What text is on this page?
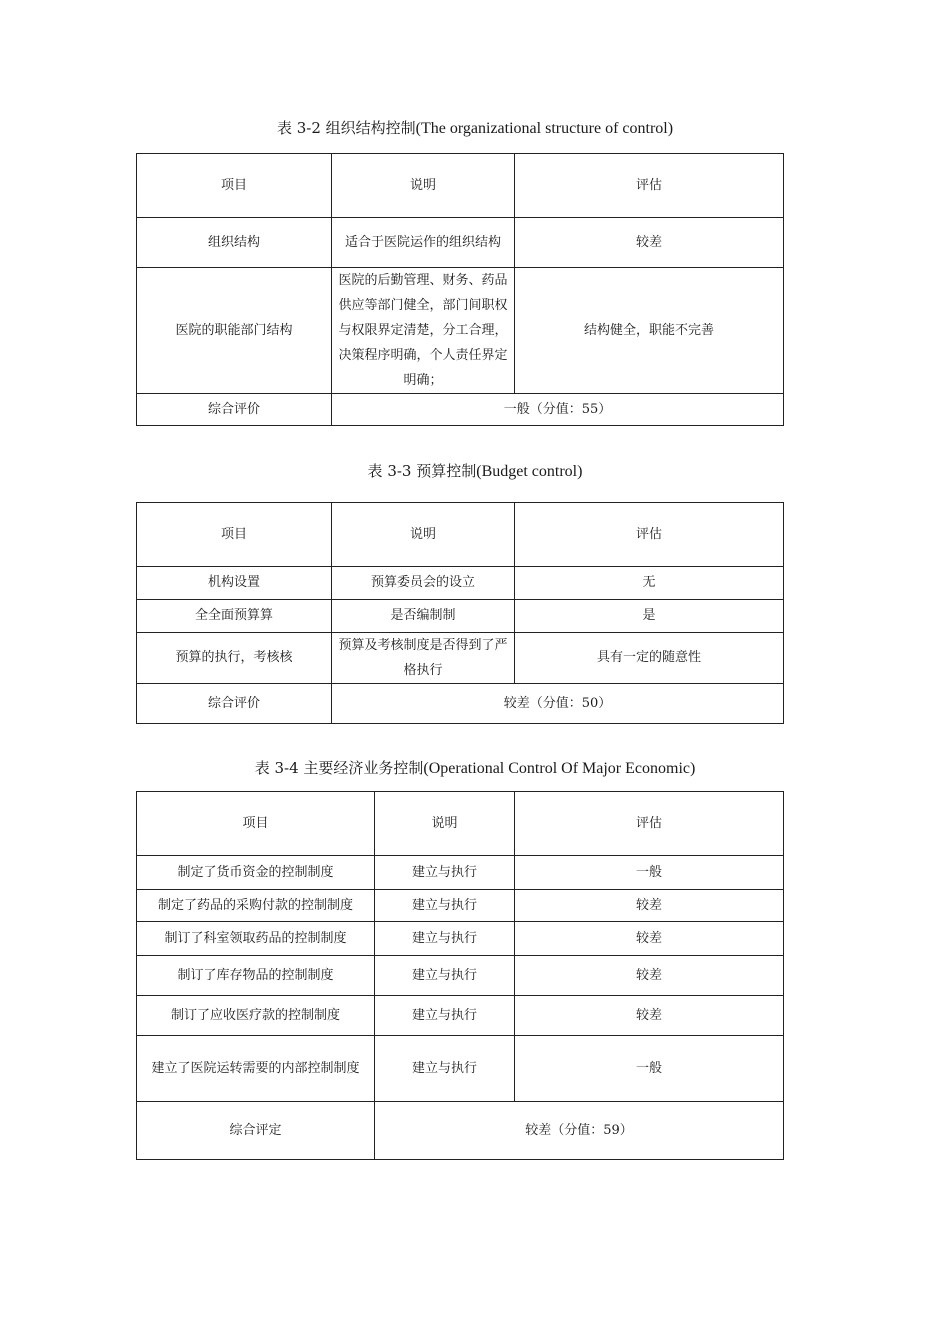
表 3-2 组织结构控制(The organizational structure of control)
项目	说明	评估
组织结构	适合于医院运作的组织结构	较差
医院的职能部门结构	医院的后勤管理、财务、药品供应等部门健全，部门间职权与权限界定清楚，分工合理，决策程序明确，个人责任界定明确；	结构健全，职能不完善
综合评价	一般（分值：55）	
表 3-3 预算控制(Budget control)
项目	说明	评估
机构设置	预算委员会的设立	无
全全面预算算	是否编制制	是
预算的执行，考核核	预算及考核制度是否得到了严格执行	具有一定的随意性
综合评价	较差（分值：50）	
表 3-4 主要经济业务控制(Operational Control Of Major Economic)
项目	说明	评估
制定了货币资金的控制制度	建立与执行	一般
制定了药品的采购付款的控制制度	建立与执行	较差
制订了科室领取药品的控制制度	建立与执行	较差
制订了库存物品的控制制度	建立与执行	较差
制订了应收医疗款的控制制度	建立与执行	较差
建立了医院运转需要的内部控制制度	建立与执行	一般
综合评定	较差（分值：59）	
